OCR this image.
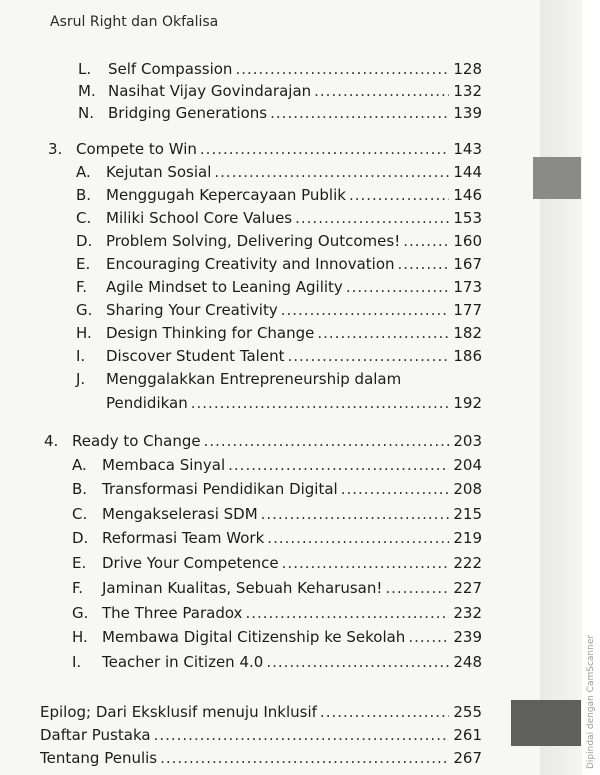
Asrul Right dan Okfalisa
L.	Self Compassion .....	128
M. Nasihat Vijay Govindarajan .....	132
N. Bridging Generations .....	139
3. Compete to Win .....	143
A.	Kejutan Sosial .....	144
B. Menggugah Kepercayaan Publik .....	146
C. Miliki School Core Values .....	153
D. Problem Solving, Delivering Outcomes! .....	160
E.	Encouraging Creativity and Innovation .....	167
F.	Agile Mindset to Leaning Agility .....	173
G. Sharing Your Creativity .....	177
H. Design Thinking for Change .....	182
I.	Discover Student Talent .....	186
J.	Menggalakkan Entrepreneurship dalam
Pendidikan .....	192
4. Ready to Change .....	203
A.	Membaca Sinyal .....	204
B. Transformasi Pendidikan Digital .....	208
C. Mengakselerasi SDM .....	215
D. Reformasi Team Work .....	219
E.	Drive Your Competence .....	222
F.	Jaminan Kualitas, Sebuah Keharusan! .....	227
G. The Three Paradox .....	232
H. Membawa Digital Citizenship ke Sekolah .....	239
I.	Teacher in Citizen 4.0 .....	248
Epilog; Dari Eksklusif menuju Inklusif .....	255
Daftar Pustaka .....	261
Tentang Penulis .....	267	Dipindai dengan CamScanner
